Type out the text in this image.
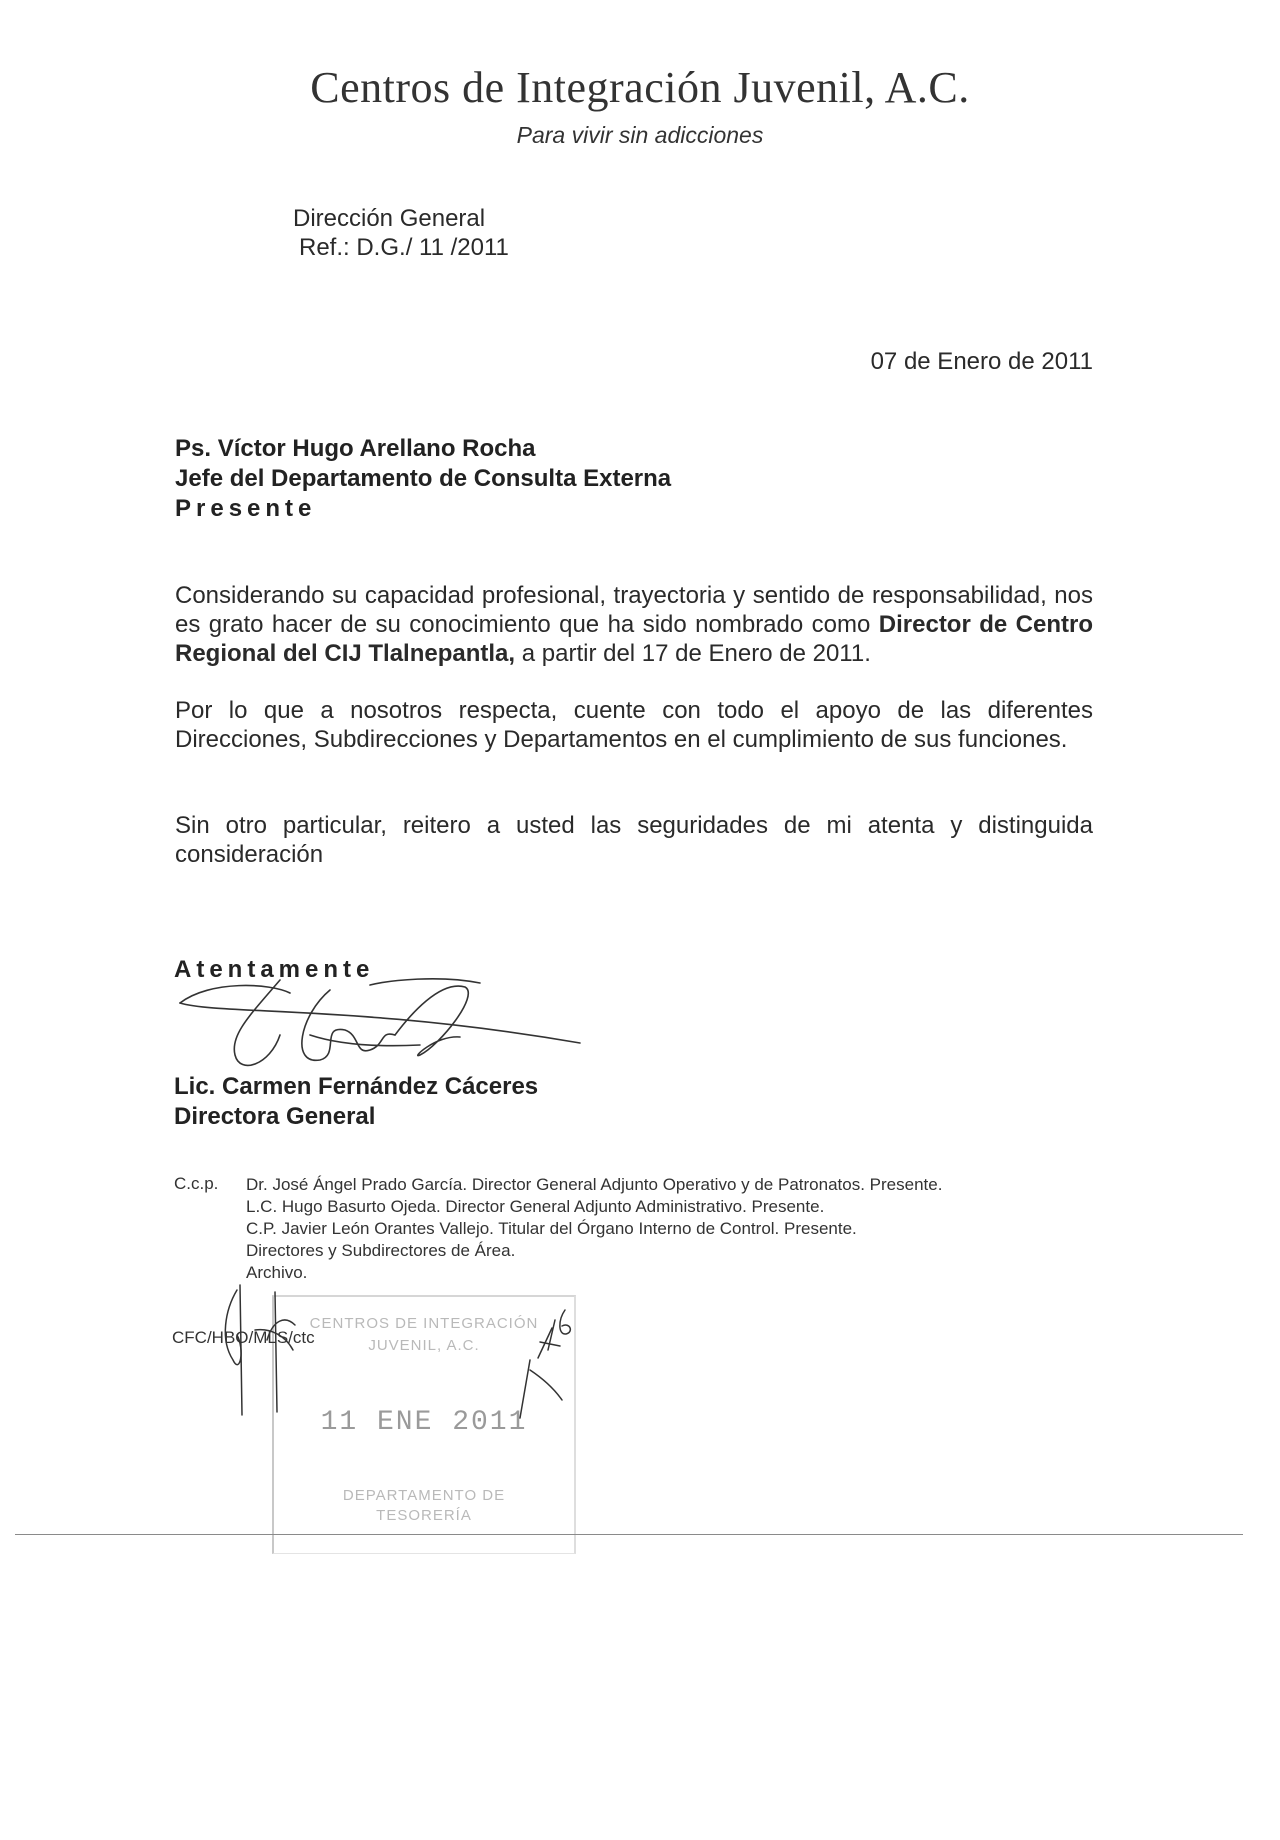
Centros de Integración Juvenil, A.C.
Para vivir sin adicciones
Dirección General
Ref.: D.G./ 11 /2011
07 de Enero de 2011
Ps. Víctor Hugo Arellano Rocha
Jefe del Departamento de Consulta Externa
Presente
Considerando su capacidad profesional, trayectoria y sentido de responsabilidad, nos es grato hacer de su conocimiento que ha sido nombrado como Director de Centro Regional del CIJ Tlalnepantla, a partir del 17 de Enero de 2011.
Por lo que a nosotros respecta, cuente con todo el apoyo de las diferentes Direcciones, Subdirecciones y Departamentos en el cumplimiento de sus funciones.
Sin otro particular, reitero a usted las seguridades de mi atenta y distinguida consideración
Atentamente
Lic. Carmen Fernández Cáceres
Directora General
C.c.p. Dr. José Ángel Prado García. Director General Adjunto Operativo y de Patronatos. Presente.
L.C. Hugo Basurto Ojeda. Director General Adjunto Administrativo. Presente.
C.P. Javier León Orantes Vallejo. Titular del Órgano Interno de Control. Presente.
Directores y Subdirectores de Área.
Archivo.
CENTROS DE INTEGRACIÓN
JUVENIL, A.C.
11 ENE 2011
DEPARTAMENTO DE
TESORERÍA
CFC/HBO/MLS/ctc
